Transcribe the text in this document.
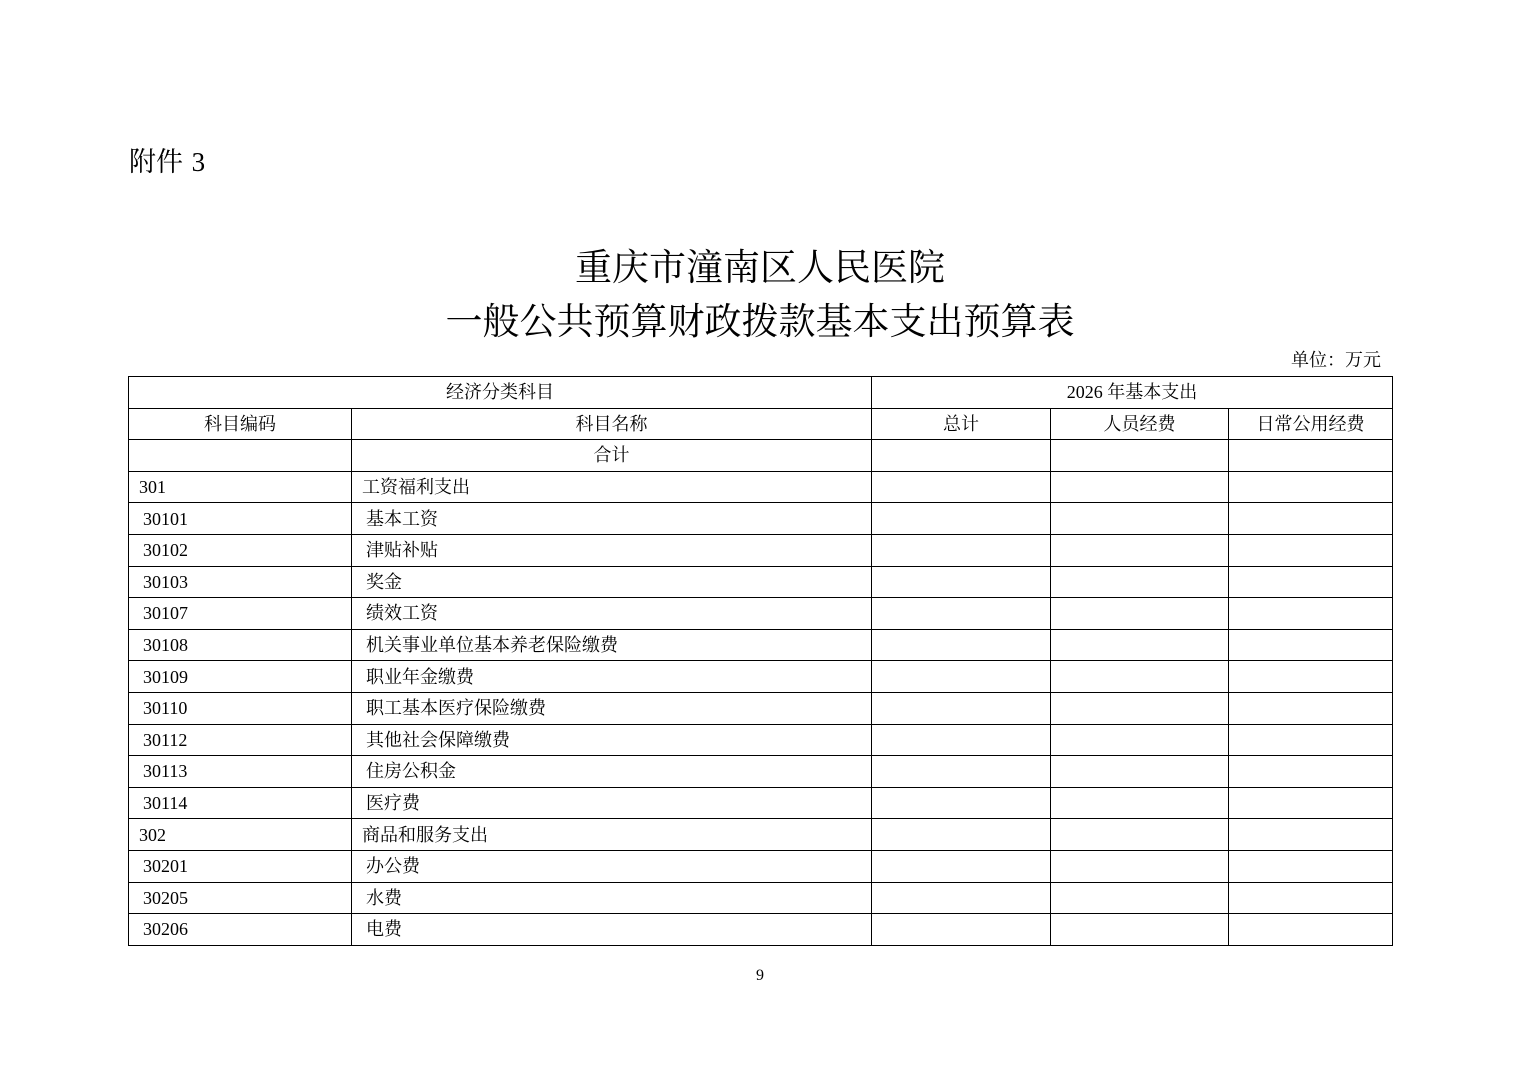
附件 3

重庆市潼南区人民医院
一般公共预算财政拨款基本支出预算表
单位：万元
经济分类科目		2026 年基本支出		
科目编码	科目名称	总计	人员经费	日常公用经费
	合计			
301	工资福利支出			
30101	基本工资			
30102	津贴补贴			
30103	奖金			
30107	绩效工资			
30108	机关事业单位基本养老保险缴费			
30109	职业年金缴费			
30110	职工基本医疗保险缴费			
30112	其他社会保障缴费			
30113	住房公积金			
30114	医疗费			
302	商品和服务支出			
30201	办公费			
30205	水费			
30206	电费			
9
